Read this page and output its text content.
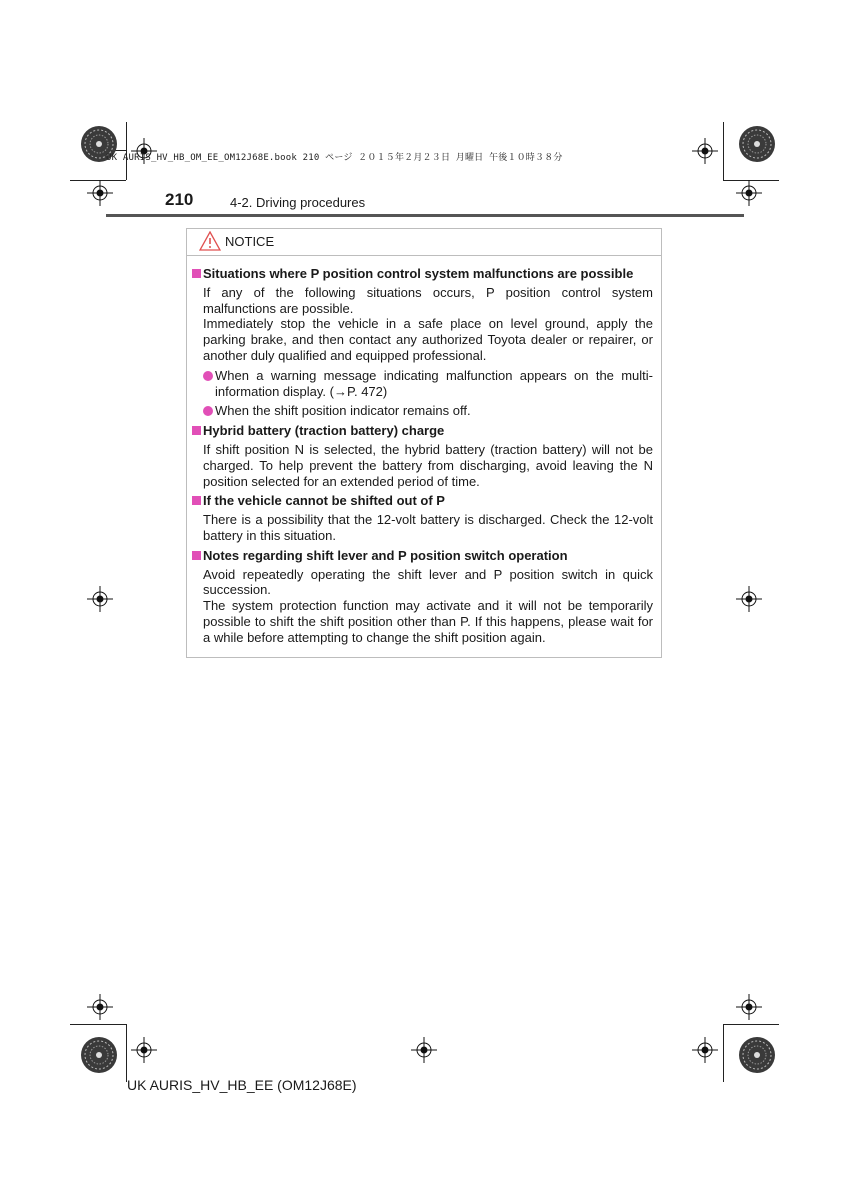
UK AURIS_HV_HB_OM_EE_OM12J68E.book 210 ページ ２０１５年２月２３日 月曜日 午後１０時３８分
210	4-2. Driving procedures
NOTICE
Situations where P position control system malfunctions are possible

If any of the following situations occurs, P position control system malfunctions are possible.

Immediately stop the vehicle in a safe place on level ground, apply the parking brake, and then contact any authorized Toyota dealer or repairer, or another duly qualified and equipped professional.

When a warning message indicating malfunction appears on the multi-information display. (→P. 472)
When the shift position indicator remains off.
Hybrid battery (traction battery) charge

If shift position N is selected, the hybrid battery (traction battery) will not be charged. To help prevent the battery from discharging, avoid leaving the N position selected for an extended period of time.

If the vehicle cannot be shifted out of P

There is a possibility that the 12-volt battery is discharged. Check the 12-volt battery in this situation.

Notes regarding shift lever and P position switch operation

Avoid repeatedly operating the shift lever and P position switch in quick succession.

The system protection function may activate and it will not be temporarily possible to shift the shift position other than P. If this happens, please wait for a while before attempting to change the shift position again.

UK AURIS_HV_HB_EE (OM12J68E)
